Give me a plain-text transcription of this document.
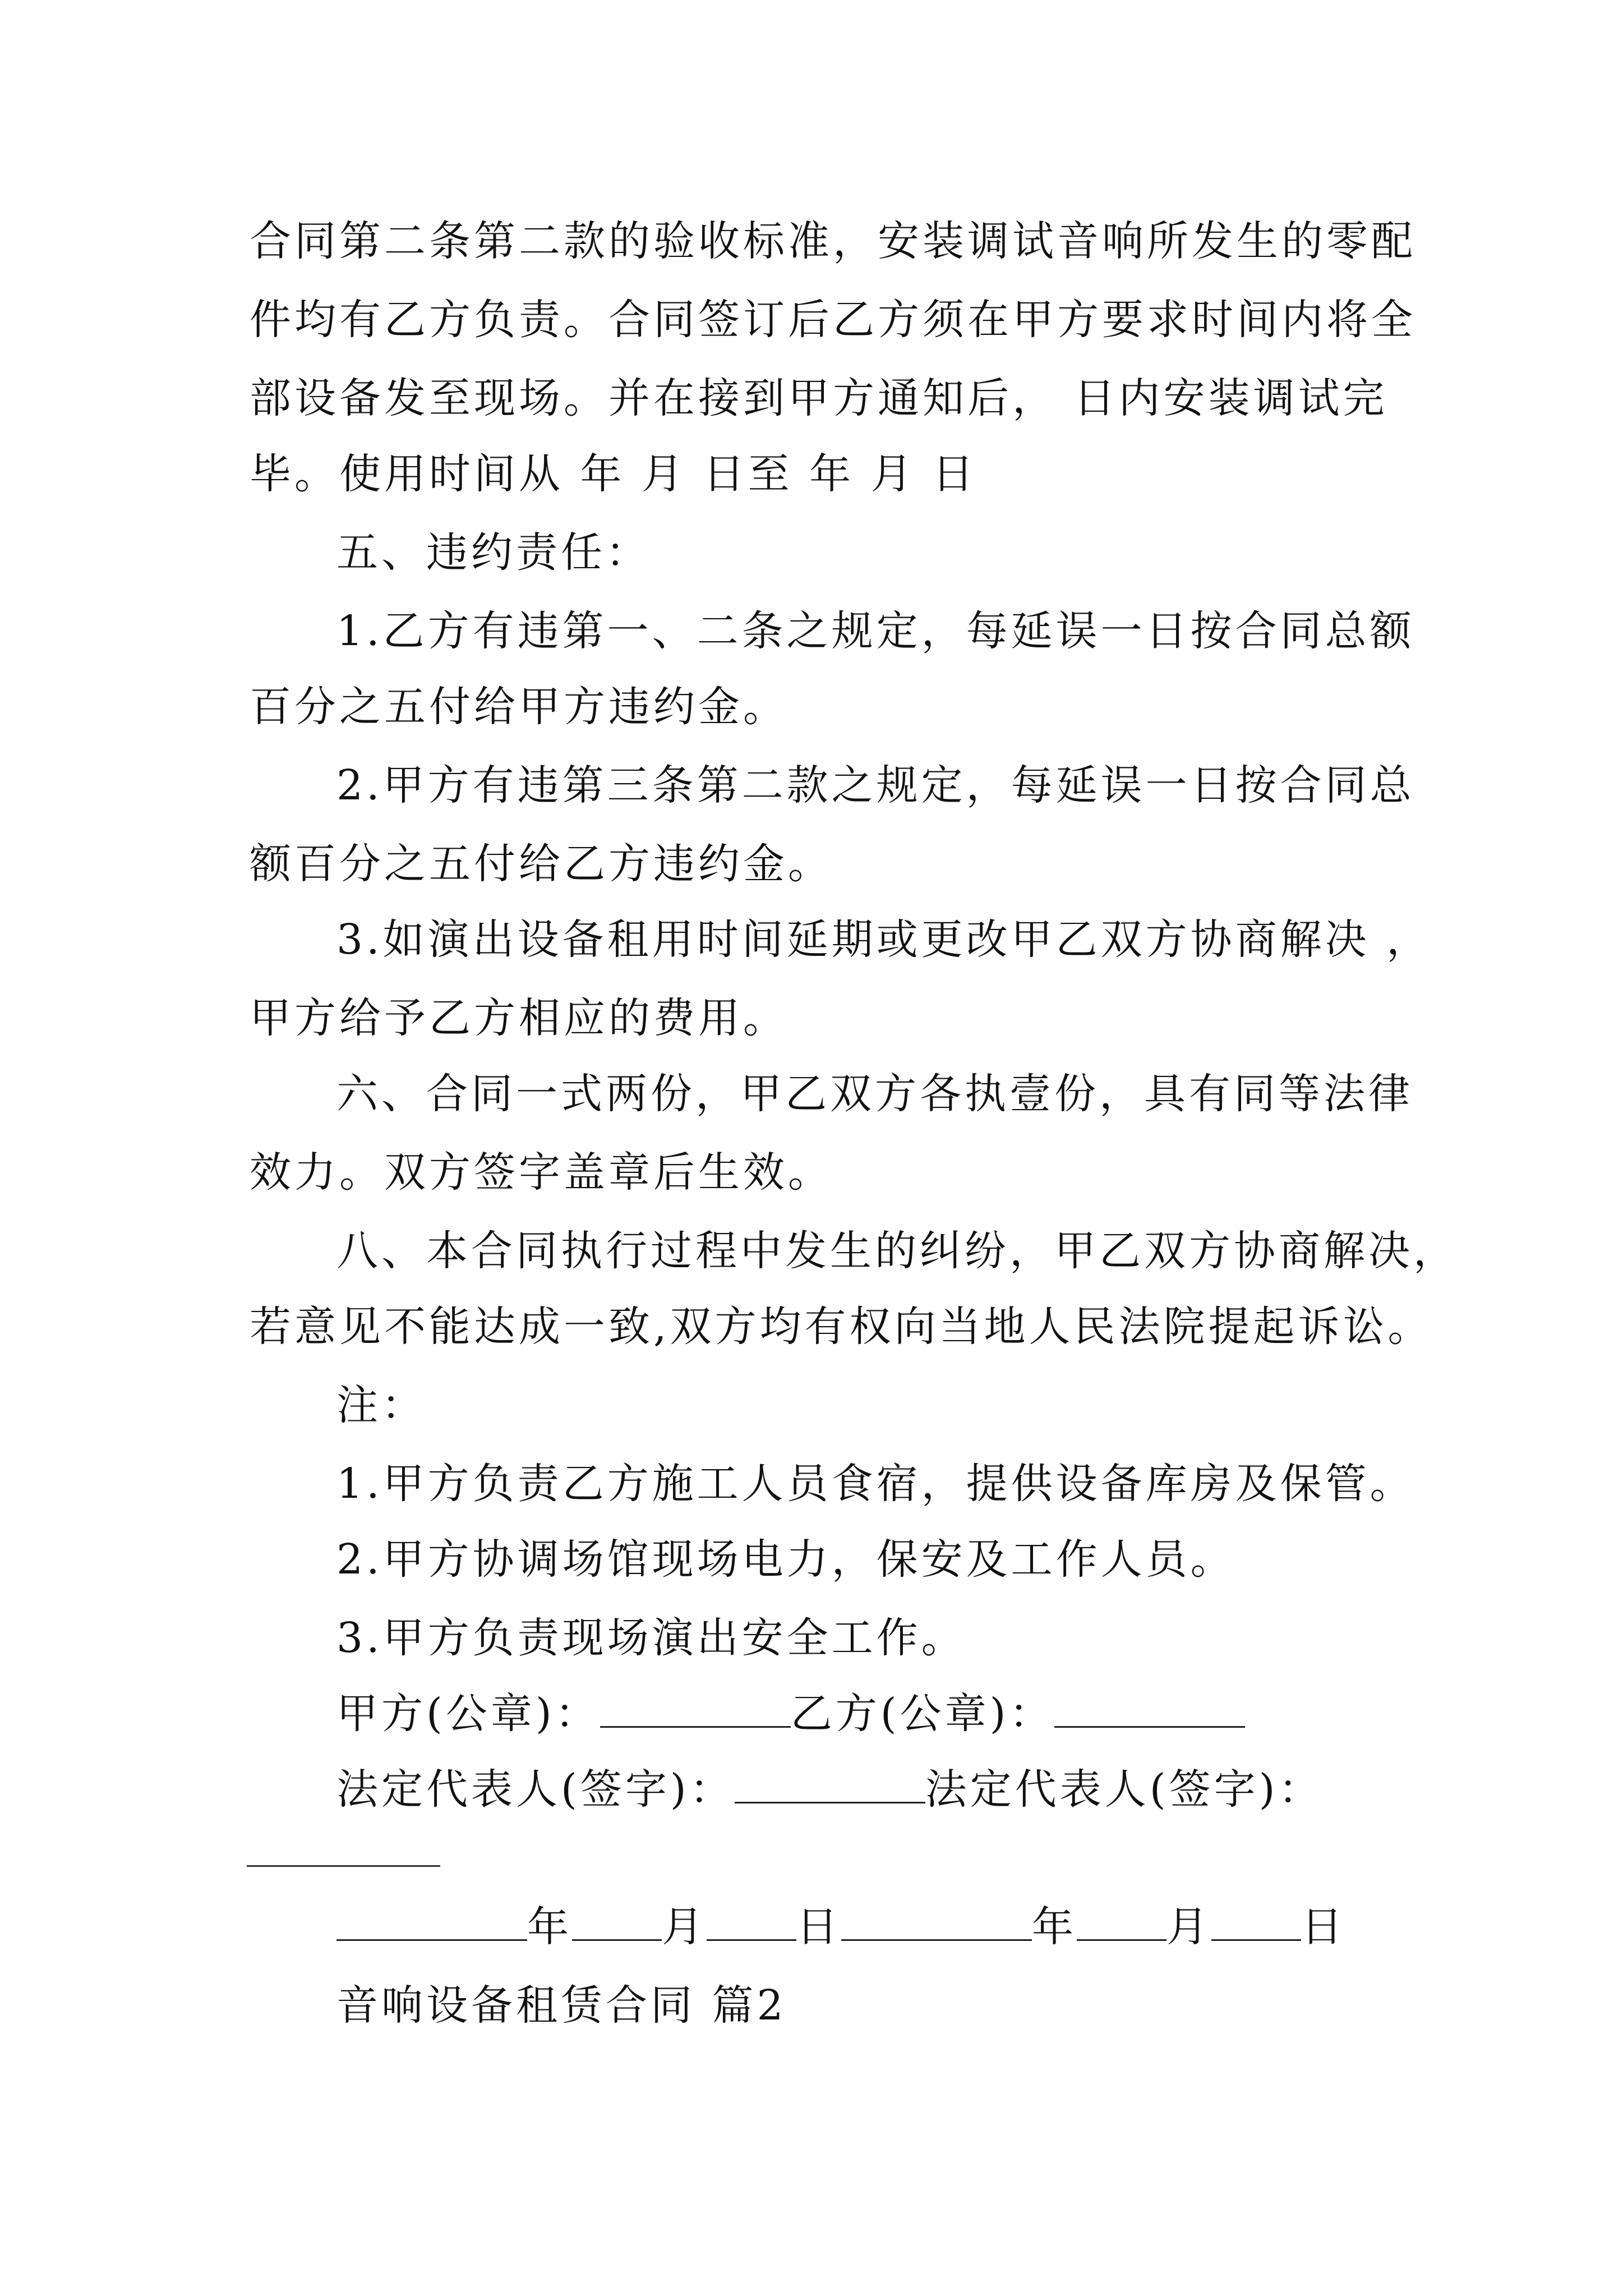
合同第二条第二款的验收标准，安装调试音响所发生的零配
件均有乙方负责。合同签订后乙方须在甲方要求时间内将全
部设备发至现场。并在接到甲方通知后， 日内安装调试完
毕。使用时间从 年 月 日至 年 月 日
五、违约责任：
1.乙方有违第一、二条之规定，每延误一日按合同总额
百分之五付给甲方违约金。
2.甲方有违第三条第二款之规定，每延误一日按合同总
额百分之五付给乙方违约金。
3.如演出设备租用时间延期或更改甲乙双方协商解决 ，
甲方给予乙方相应的费用。
六、合同一式两份，甲乙双方各执壹份，具有同等法律
效力。双方签字盖章后生效。
八、本合同执行过程中发生的纠纷，甲乙双方协商解决，
若意见不能达成一致,双方均有权向当地人民法院提起诉讼。
注：
1.甲方负责乙方施工人员食宿，提供设备库房及保管。
2.甲方协调场馆现场电力，保安及工作人员。
3.甲方负责现场演出安全工作。
甲方(公章)：	乙方(公章)：
法定代表人(签字)：	法定代表人(签字)：
年 月 日	年 月 日
音响设备租赁合同 篇2
